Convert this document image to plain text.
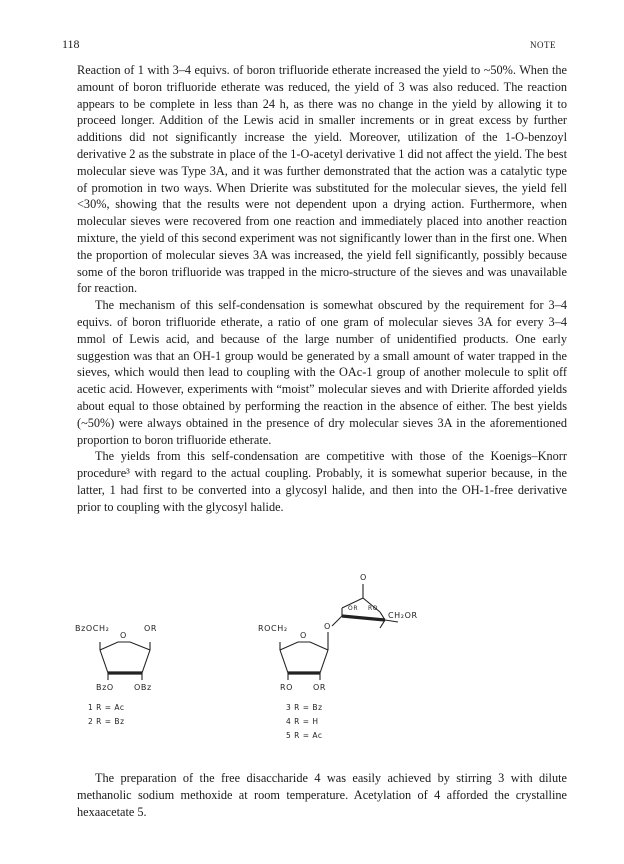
118	NOTE

Reaction of 1 with 3–4 equivs. of boron trifluoride etherate increased the yield to ~50%. When the amount of boron trifluoride etherate was reduced, the yield of 3 was also reduced. The reaction appears to be complete in less than 24 h, as there was no change in the yield by allowing it to proceed longer. Addition of the Lewis acid in smaller increments or in great excess by further additions did not significantly increase the yield. Moreover, utilization of the 1-O-benzoyl derivative 2 as the substrate in place of the 1-O-acetyl derivative 1 did not affect the yield. The best molecular sieve was Type 3A, and it was further demonstrated that the action was a catalytic type of promotion in two ways. When Drierite was substituted for the molecular sieves, the yield fell <30%, showing that the results were not dependent upon a drying action. Furthermore, when molecular sieves were recovered from one reaction and immediately placed into another reaction mixture, the yield of this second experiment was not significantly lower than in the first one. When the proportion of molecular sieves 3A was increased, the yield fell significantly, possibly because some of the boron trifluoride was trapped in the micro-structure of the sieves and was unavailable for reaction.

The mechanism of this self-condensation is somewhat obscured by the requirement for 3–4 equivs. of boron trifluoride etherate, a ratio of one gram of molecular sieves 3A for every 3–4 mmol of Lewis acid, and because of the large number of unidentified products. One early suggestion was that an OH-1 group would be generated by a small amount of water trapped in the sieves, which would then lead to coupling with the OAc-1 group of another molecule to split off acetic acid. However, experiments with “moist” molecular sieves and with Drierite afforded yields about equal to those obtained by performing the reaction in the absence of either. The best yields (~50%) were always obtained in the presence of dry molecular sieves 3A in the aforementioned proportion to boron trifluoride etherate.

The yields from this self-condensation are competitive with those of the Koenigs–Knorr procedure³ with regard to the actual coupling. Probably, it is somewhat superior because, in the latter, 1 had first to be converted into a glycosyl halide, and then into the OH-1-free derivative prior to coupling with the glycosyl halide.

BzOCH₂	OR
O
BzO	OBz
1 R = Ac
2 R = Bz
ROCH₂
O
O
O
OR RO
CH₂OR
RO OR
3 R = Bz
4 R = H
5 R = Ac
The preparation of the free disaccharide 4 was easily achieved by stirring 3 with dilute methanolic sodium methoxide at room temperature. Acetylation of 4 afforded the crystalline hexaacetate 5.
